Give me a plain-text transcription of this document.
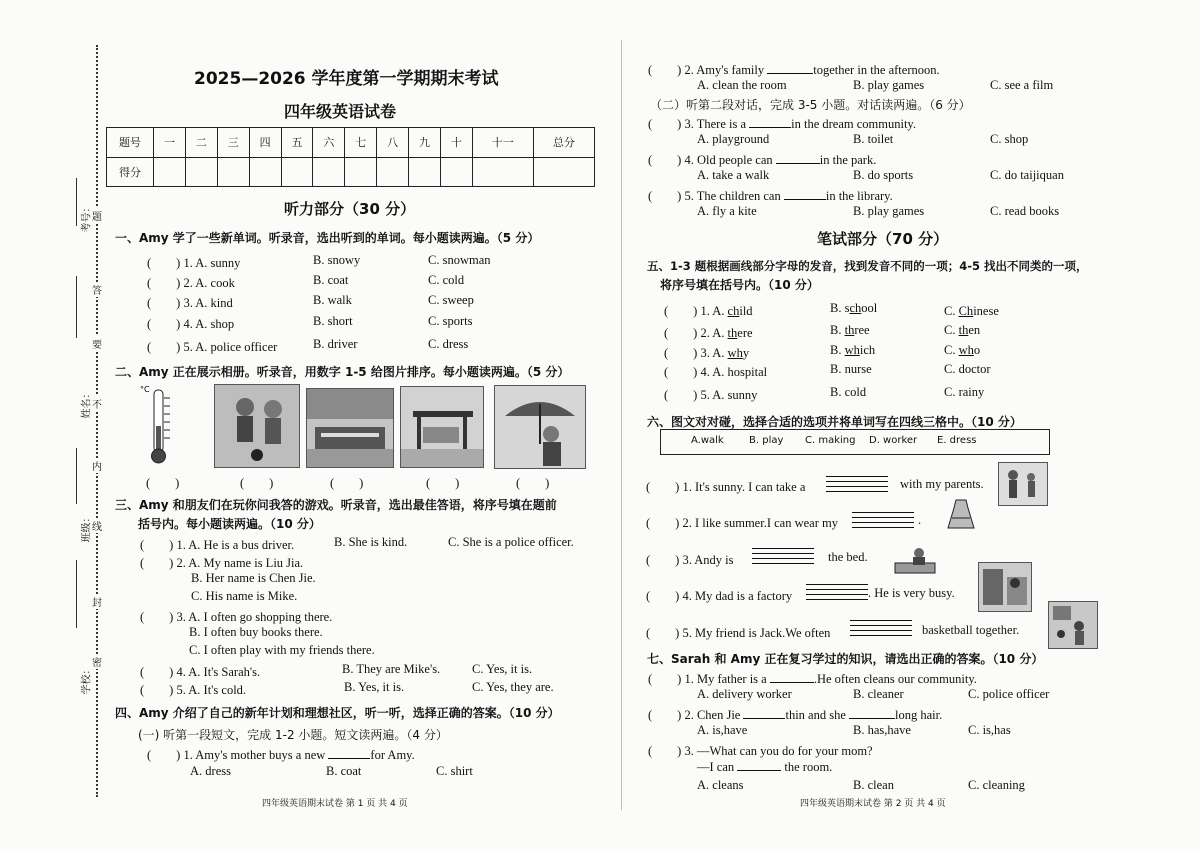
考号：
姓名：
班级：
学校：
题
答
要
不
内
线
封
密
2025—2026 学年度第一学期期末考试
四年级英语试卷
题号	一	二	三	四	五	六	七	八	九	十	十一	总分
得分												
听力部分（30 分）
一、Amy 学了一些新单词。听录音，选出听到的单词。每小题读两遍。（5 分）
(　　) 1. A. sunny	B. snowy	C. snowman
(　　) 2. A. cook	B. coat	C. cold
(　　) 3. A. kind	B. walk	C. sweep
(　　) 4. A. shop	B. short	C. sports
(　　) 5. A. police officer	B. driver	C. dress
二、Amy 正在展示相册。听录音，用数字 1-5 给图片排序。每小题读两遍。（5 分）
°C
(　　)	(　　)	(　　)	(　　)	(　　)
三、Amy 和朋友们在玩你问我答的游戏。听录音，选出最佳答语，将序号填在题前
括号内。每小题读两遍。（10 分）
(　　) 1. A. He is a bus driver.	B. She is kind.	C. She is a police officer.
(　　) 2. A. My name is Liu Jia.
B. Her name is Chen Jie.
C. His name is Mike.
(　　) 3. A. I often go shopping there.
B. I often buy books there.
C. I often play with my friends there.
(　　) 4. A. It's Sarah's.	B. They are Mike's.	C. Yes, it is.
(　　) 5. A. It's cold.	B. Yes, it is.	C. Yes, they are.
四、Amy 介绍了自己的新年计划和理想社区，听一听，选择正确的答案。（10 分）
(一) 听第一段短文，完成 1-2 小题。短文读两遍。（4 分）
(　　) 1. Amy's mother buys a new	for Amy.
A. dress	B. coat	C. shirt
四年级英语期末试卷 第 1 页 共 4 页
(　　) 2. Amy's family	together in the afternoon.
A. clean the room	B. play games	C. see a film
（二）听第二段对话，完成 3-5 小题。对话读两遍。（6 分）
(　　) 3. There is a	in the dream community.
A. playground	B. toilet	C. shop
(　　) 4. Old people can	in the park.
A. take a walk	B. do sports	C. do taijiquan
(　　) 5. The children can	in the library.
A. fly a kite	B. play games	C. read books
笔试部分（70 分）
五、1-3 题根据画线部分字母的发音，找到发音不同的一项；4-5 找出不同类的一项，
将序号填在括号内。（10 分）
(　　) 1. A. child	B. school	C. Chinese
(　　) 2. A. there	B. three	C. then
(　　) 3. A. why	B. which	C. who
(　　) 4. A. hospital	B. nurse	C. doctor
(　　) 5. A. sunny	B. cold	C. rainy
六、图文对对碰，选择合适的选项并将单词写在四线三格中。（10 分）
A.walk	B. play C. making D. worker E. dress
(　　) 1. It's sunny. I can take a	with my parents.
(　　) 2. I like summer.I can wear my	.
(　　) 3. Andy is	the bed.
(　　) 4. My dad is a factory	. He is very busy.
(　　) 5. My friend is Jack.We often	basketball together.
七、Sarah 和 Amy 正在复习学过的知识，请选出正确的答案。（10 分）
(　　) 1. My father is a	.He often cleans our community.
A. delivery worker	B. cleaner	C. police officer
(　　) 2. Chen Jie	thin and she	long hair.
A. is,have	B. has,have	C. is,has
(　　) 3. —What can you do for your mom?
—I can	the room.
A. cleans	B. clean	C. cleaning
四年级英语期末试卷 第 2 页 共 4 页
